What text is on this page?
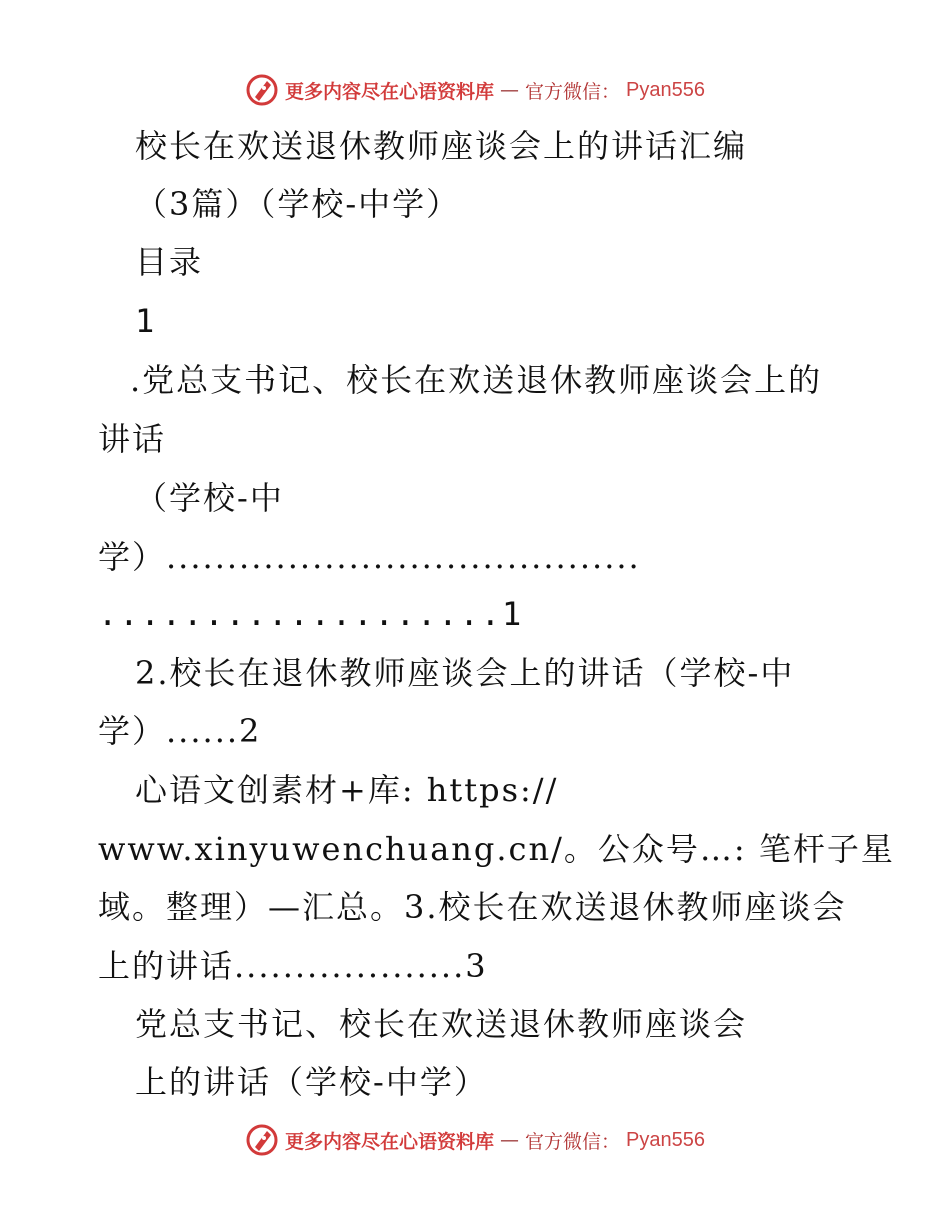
更多内容尽在心语资料库 — 官方微信： Pyan556
校长在欢送退休教师座谈会上的讲话汇编
（3篇）（学校-中学）
目录
1
.党总支书记、校长在欢送退休教师座谈会上的
讲话
（学校-中
学）.......................................
...................1
2.校长在退休教师座谈会上的讲话（学校-中
学）......2
心语文创素材+库: https://
www.xinyuwenchuang.cn/。公众号…: 笔杆子星
域。整理）—汇总。3.校长在欢送退休教师座谈会
上的讲话...................3
党总支书记、校长在欢送退休教师座谈会
上的讲话（学校-中学）
更多内容尽在心语资料库 — 官方微信： Pyan556
